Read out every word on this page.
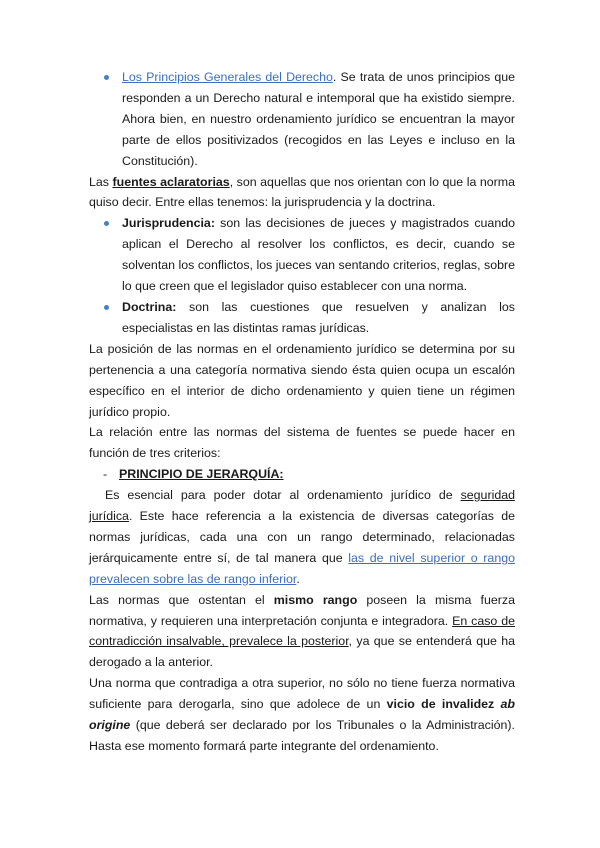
Los Principios Generales del Derecho. Se trata de unos principios que responden a un Derecho natural e intemporal que ha existido siempre. Ahora bien, en nuestro ordenamiento jurídico se encuentran la mayor parte de ellos positivizados (recogidos en las Leyes e incluso en la Constitución).

Las fuentes aclaratorias, son aquellas que nos orientan con lo que la norma quiso decir. Entre ellas tenemos: la jurisprudencia y la doctrina.

Jurisprudencia: son las decisiones de jueces y magistrados cuando aplican el Derecho al resolver los conflictos, es decir, cuando se solventan los conflictos, los jueces van sentando criterios, reglas, sobre lo que creen que el legislador quiso establecer con una norma.
Doctrina: son las cuestiones que resuelven y analizan los especialistas en las distintas ramas jurídicas.

La posición de las normas en el ordenamiento jurídico se determina por su pertenencia a una categoría normativa siendo ésta quien ocupa un escalón específico en el interior de dicho ordenamiento y quien tiene un régimen jurídico propio.

La relación entre las normas del sistema de fuentes se puede hacer en función de tres criterios:

- PRINCIPIO DE JERARQUÍA:

Es esencial para poder dotar al ordenamiento jurídico de seguridad jurídica. Este hace referencia a la existencia de diversas categorías de normas jurídicas, cada una con un rango determinado, relacionadas jerárquicamente entre sí, de tal manera que las de nivel superior o rango prevalecen sobre las de rango inferior.

Las normas que ostentan el mismo rango poseen la misma fuerza normativa, y requieren una interpretación conjunta e integradora. En caso de contradicción insalvable, prevalece la posterior, ya que se entenderá que ha derogado a la anterior.

Una norma que contradiga a otra superior, no sólo no tiene fuerza normativa suficiente para derogarla, sino que adolece de un vicio de invalidez ab origine (que deberá ser declarado por los Tribunales o la Administración). Hasta ese momento formará parte integrante del ordenamiento.
